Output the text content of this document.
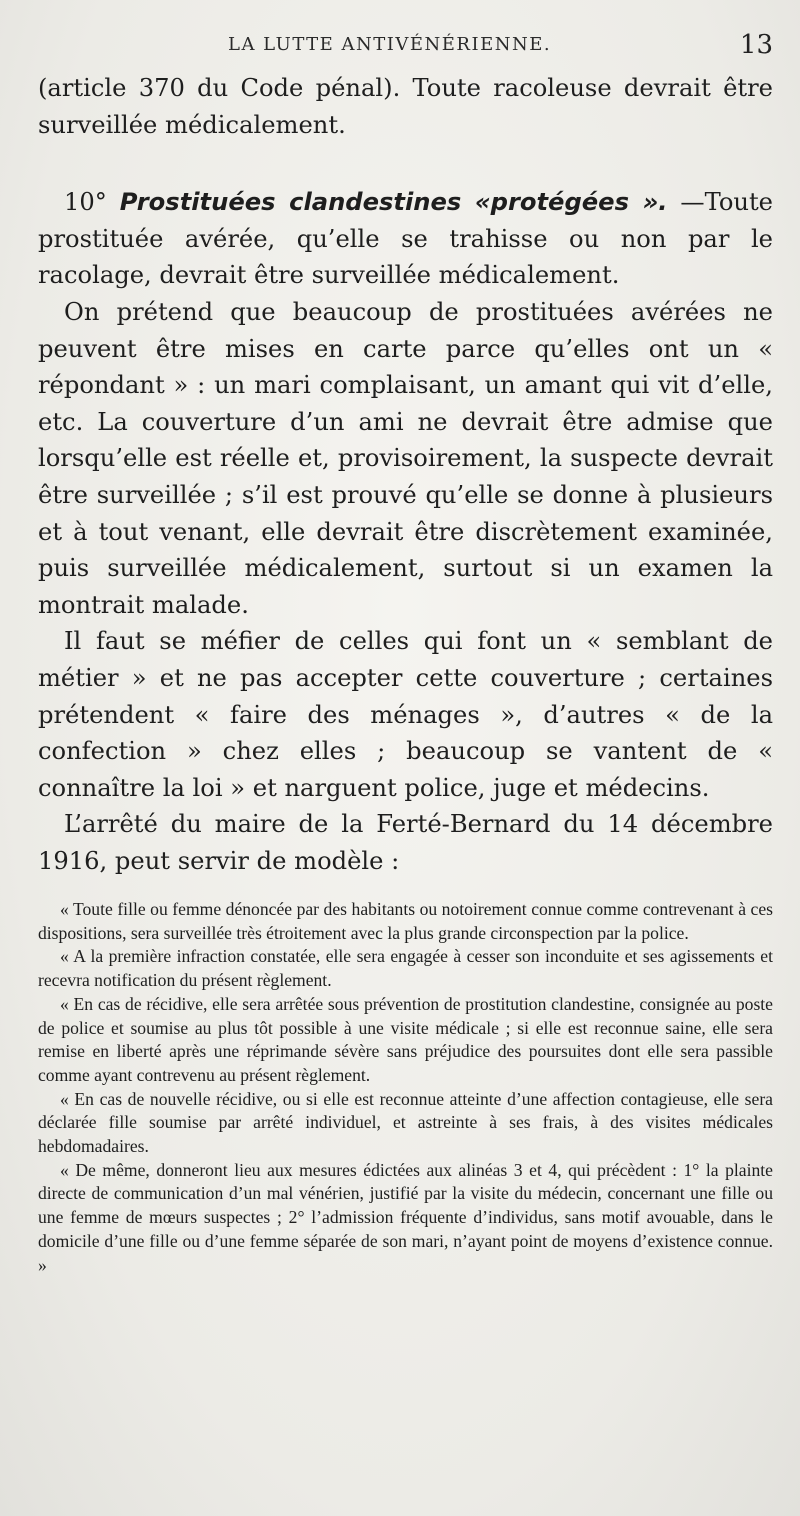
LA LUTTE ANTIVÉNÉRIENNE.	13

(article 370 du Code pénal). Toute racoleuse devrait être surveillée médicalement.

10° Prostituées clandestines «protégées ». —Toute prostituée avérée, qu’elle se trahisse ou non par le racolage, devrait être surveillée médicalement.

On prétend que beaucoup de prostituées avérées ne peuvent être mises en carte parce qu’elles ont un « répondant » : un mari complaisant, un amant qui vit d’elle, etc. La couverture d’un ami ne devrait être admise que lorsqu’elle est réelle et, provisoirement, la suspecte devrait être surveillée ; s’il est prouvé qu’elle se donne à plusieurs et à tout venant, elle devrait être discrètement examinée, puis surveillée médicalement, surtout si un examen la montrait malade.

Il faut se méfier de celles qui font un « semblant de métier » et ne pas accepter cette couverture ; certaines prétendent « faire des ménages », d’autres « de la confection » chez elles ; beaucoup se vantent de « connaître la loi » et narguent police, juge et médecins.

L’arrêté du maire de la Ferté-Bernard du 14 décembre 1916, peut servir de modèle :

« Toute fille ou femme dénoncée par des habitants ou notoirement connue comme contrevenant à ces dispositions, sera surveillée très étroitement avec la plus grande circonspection par la police.

« A la première infraction constatée, elle sera engagée à cesser son inconduite et ses agissements et recevra notification du présent règlement.

« En cas de récidive, elle sera arrêtée sous prévention de prostitution clandestine, consignée au poste de police et soumise au plus tôt possible à une visite médicale ; si elle est reconnue saine, elle sera remise en liberté après une réprimande sévère sans préjudice des poursuites dont elle sera passible comme ayant contrevenu au présent règlement.

« En cas de nouvelle récidive, ou si elle est reconnue atteinte d’une affection contagieuse, elle sera déclarée fille soumise par arrêté individuel, et astreinte à ses frais, à des visites médicales hebdomadaires.

« De même, donneront lieu aux mesures édictées aux alinéas 3 et 4, qui précèdent : 1° la plainte directe de communication d’un mal vénérien, justifié par la visite du médecin, concernant une fille ou une femme de mœurs suspectes ; 2° l’admission fréquente d’individus, sans motif avouable, dans le domicile d’une fille ou d’une femme séparée de son mari, n’ayant point de moyens d’existence connue. »
